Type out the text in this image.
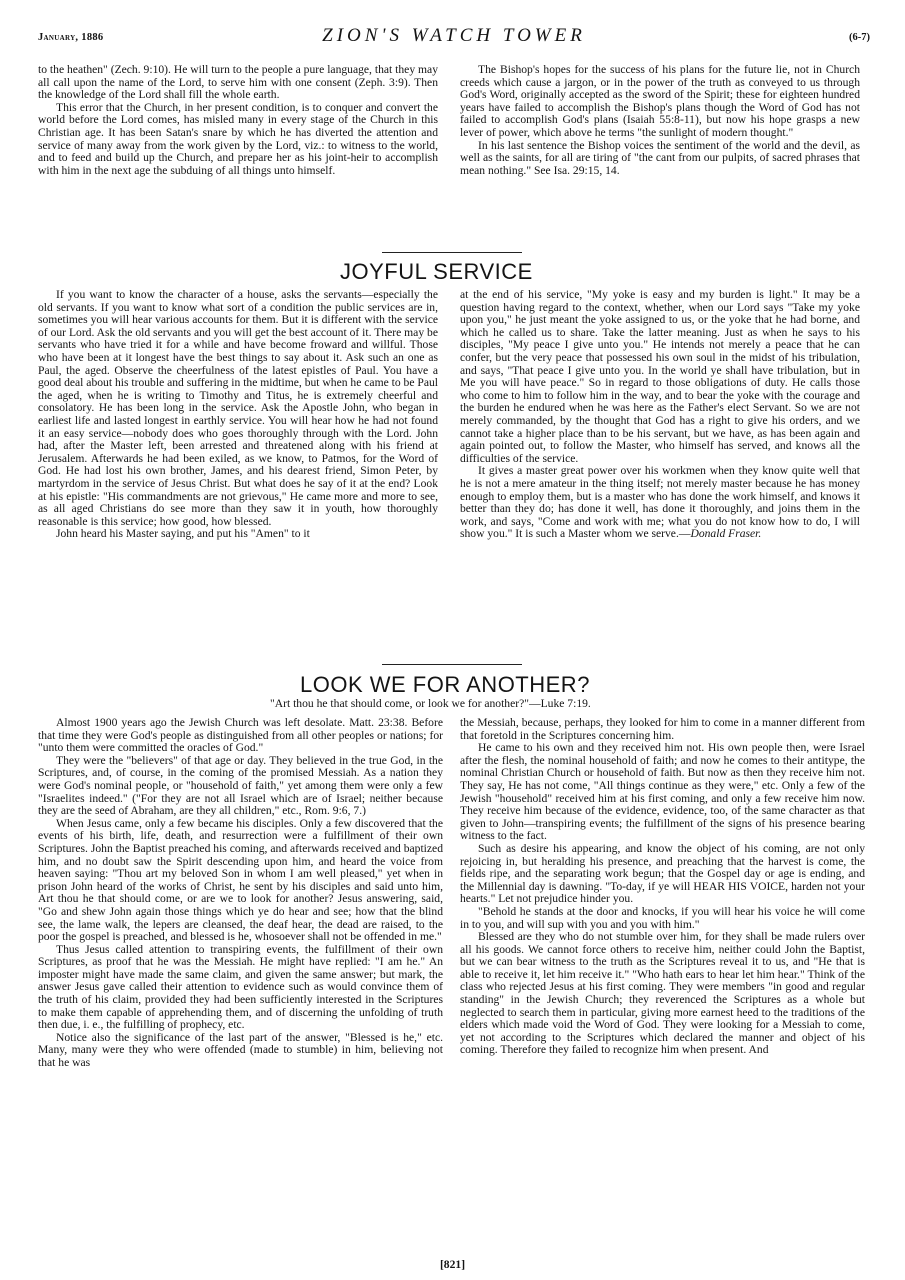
January, 1886	ZION'S WATCH TOWER	(6-7)

to the heathen" (Zech. 9:10). He will turn to the people a pure language, that they may all call upon the name of the Lord, to serve him with one consent (Zeph. 3:9). Then the knowledge of the Lord shall fill the whole earth.

This error that the Church, in her present condition, is to conquer and convert the world before the Lord comes, has misled many in every stage of the Church in this Christian age. It has been Satan's snare by which he has diverted the attention and service of many away from the work given by the Lord, viz.: to witness to the world, and to feed and build up the Church, and prepare her as his joint-heir to accomplish with him in the next age the subduing of all things unto himself.

The Bishop's hopes for the success of his plans for the future lie, not in Church creeds which cause a jargon, or in the power of the truth as conveyed to us through God's Word, originally accepted as the sword of the Spirit; these for eighteen hundred years have failed to accomplish the Bishop's plans though the Word of God has not failed to accomplish God's plans (Isaiah 55:8-11), but now his hope grasps a new lever of power, which above he terms "the sunlight of modern thought."

In his last sentence the Bishop voices the sentiment of the world and the devil, as well as the saints, for all are tiring of "the cant from our pulpits, of sacred phrases that mean nothing." See Isa. 29:15, 14.

JOYFUL SERVICE

If you want to know the character of a house, asks the servants—especially the old servants. If you want to know what sort of a condition the public services are in, sometimes you will hear various accounts for them. But it is different with the service of our Lord. Ask the old servants and you will get the best account of it. There may be servants who have tried it for a while and have become froward and willful. Those who have been at it longest have the best things to say about it. Ask such an one as Paul, the aged. Observe the cheerfulness of the latest epistles of Paul. You have a good deal about his trouble and suffering in the midtime, but when he came to be Paul the aged, when he is writing to Timothy and Titus, he is extremely cheerful and consolatory. He has been long in the service. Ask the Apostle John, who began in earliest life and lasted longest in earthly service. You will hear how he had not found it an easy service—nobody does who goes thoroughly through with the Lord. John had, after the Master left, been arrested and threatened along with his friend at Jerusalem. Afterwards he had been exiled, as we know, to Patmos, for the Word of God. He had lost his own brother, James, and his dearest friend, Simon Peter, by martyrdom in the service of Jesus Christ. But what does he say of it at the end? Look at his epistle: "His commandments are not grievous," He came more and more to see, as all aged Christians do see more than they saw it in youth, how thoroughly reasonable is this service; how good, how blessed.

John heard his Master saying, and put his "Amen" to it

at the end of his service, "My yoke is easy and my burden is light." It may be a question having regard to the context, whether, when our Lord says "Take my yoke upon you," he just meant the yoke assigned to us, or the yoke that he had borne, and which he called us to share. Take the latter meaning. Just as when he says to his disciples, "My peace I give unto you." He intends not merely a peace that he can confer, but the very peace that possessed his own soul in the midst of his tribulation, and says, "That peace I give unto you. In the world ye shall have tribulation, but in Me you will have peace." So in regard to those obligations of duty. He calls those who come to him to follow him in the way, and to bear the yoke with the courage and the burden he endured when he was here as the Father's elect Servant. So we are not merely commanded, by the thought that God has a right to give his orders, and we cannot take a higher place than to be his servant, but we have, as has been again and again pointed out, to follow the Master, who himself has served, and knows all the difficulties of the service.

It gives a master great power over his workmen when they know quite well that he is not a mere amateur in the thing itself; not merely master because he has money enough to employ them, but is a master who has done the work himself, and knows it better than they do; has done it well, has done it thoroughly, and joins them in the work, and says, "Come and work with me; what you do not know how to do, I will show you." It is such a Master whom we serve.—Donald Fraser.

LOOK WE FOR ANOTHER?
"Art thou he that should come, or look we for another?"—Luke 7:19.

Almost 1900 years ago the Jewish Church was left desolate. Matt. 23:38. Before that time they were God's people as distinguished from all other peoples or nations; for "unto them were committed the oracles of God."

They were the "believers" of that age or day. They believed in the true God, in the Scriptures, and, of course, in the coming of the promised Messiah. As a nation they were God's nominal people, or "household of faith," yet among them were only a few "Israelites indeed." ("For they are not all Israel which are of Israel; neither because they are the seed of Abraham, are they all children," etc., Rom. 9:6, 7.)

When Jesus came, only a few became his disciples. Only a few discovered that the events of his birth, life, death, and resurrection were a fulfillment of their own Scriptures. John the Baptist preached his coming, and afterwards received and baptized him, and no doubt saw the Spirit descending upon him, and heard the voice from heaven saying: "Thou art my beloved Son in whom I am well pleased," yet when in prison John heard of the works of Christ, he sent by his disciples and said unto him, Art thou he that should come, or are we to look for another? Jesus answering, said, "Go and shew John again those things which ye do hear and see; how that the blind see, the lame walk, the lepers are cleansed, the deaf hear, the dead are raised, to the poor the gospel is preached, and blessed is he, whosoever shall not be offended in me."

Thus Jesus called attention to transpiring events, the fulfillment of their own Scriptures, as proof that he was the Messiah. He might have replied: "I am he." An imposter might have made the same claim, and given the same answer; but mark, the answer Jesus gave called their attention to evidence such as would convince them of the truth of his claim, provided they had been sufficiently interested in the Scriptures to make them capable of apprehending them, and of discerning the unfolding of truth then due, i. e., the fulfilling of prophecy, etc.

Notice also the significance of the last part of the answer, "Blessed is he," etc. Many, many were they who were offended (made to stumble) in him, believing not that he was

the Messiah, because, perhaps, they looked for him to come in a manner different from that foretold in the Scriptures concerning him.

He came to his own and they received him not. His own people then, were Israel after the flesh, the nominal household of faith; and now he comes to their antitype, the nominal Christian Church or household of faith. But now as then they receive him not. They say, He has not come, "All things continue as they were," etc. Only a few of the Jewish "household" received him at his first coming, and only a few receive him now. They receive him because of the evidence, evidence, too, of the same character as that given to John—transpiring events; the fulfillment of the signs of his presence bearing witness to the fact.

Such as desire his appearing, and know the object of his coming, are not only rejoicing in, but heralding his presence, and preaching that the harvest is come, the fields ripe, and the separating work begun; that the Gospel day or age is ending, and the Millennial day is dawning. "To-day, if ye will HEAR HIS VOICE, harden not your hearts." Let not prejudice hinder you.

"Behold he stands at the door and knocks, if you will hear his voice he will come in to you, and will sup with you and you with him."

Blessed are they who do not stumble over him, for they shall be made rulers over all his goods. We cannot force others to receive him, neither could John the Baptist, but we can bear witness to the truth as the Scriptures reveal it to us, and "He that is able to receive it, let him receive it." "Who hath ears to hear let him hear." Think of the class who rejected Jesus at his first coming. They were members "in good and regular standing" in the Jewish Church; they reverenced the Scriptures as a whole but neglected to search them in particular, giving more earnest heed to the traditions of the elders which made void the Word of God. They were looking for a Messiah to come, yet not according to the Scriptures which declared the manner and object of his coming. Therefore they failed to recognize him when present. And

[821]
